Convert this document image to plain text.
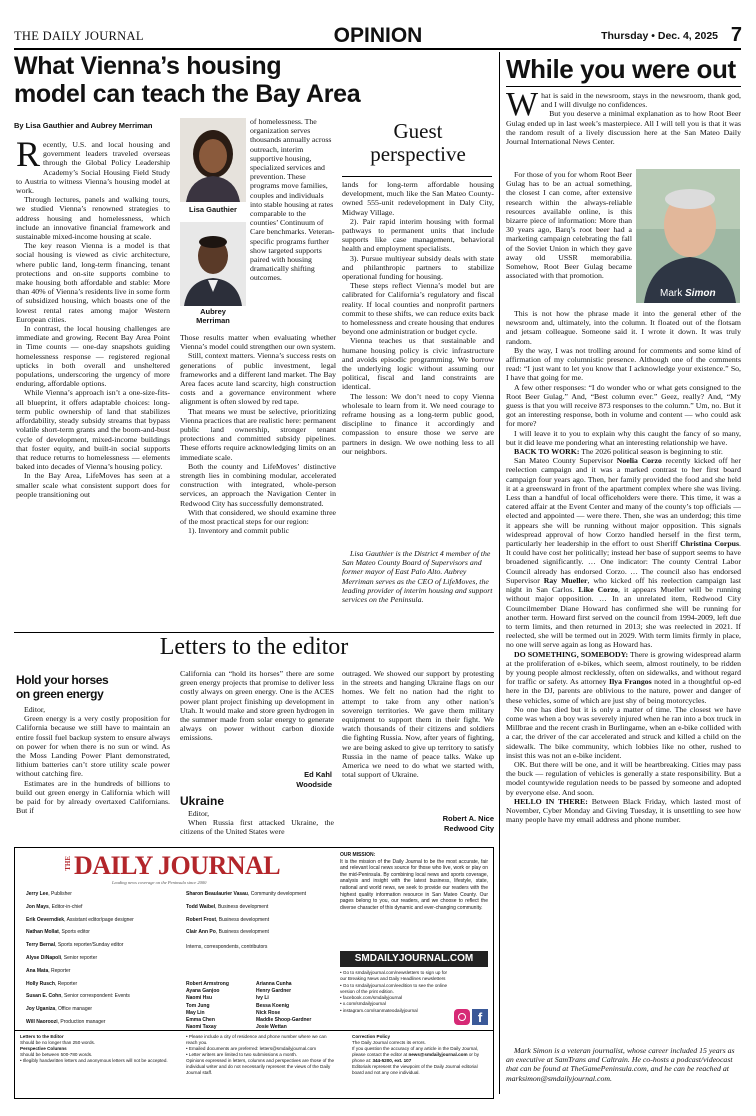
THE DAILY JOURNAL	OPINION	Thursday • Dec. 4, 2025 7
What Vienna’s housing
model can teach the Bay Area
By Lisa Gauthier and Aubrey Merriman

Recently, U.S. and local housing and government leaders traveled overseas through the Global Policy Leadership Academy’s Social Housing Field Study to Austria to witness Vienna’s housing model at work.

Through lectures, panels and walking tours, we studied Vienna’s renowned strategies to address housing and homelessness, which include an innovative financial framework and sustainable mixed-income housing at scale.

The key reason Vienna is a model is that social housing is viewed as civic architecture, where public land, long-term financing, tenant protections and on-site supports combine to make housing both affordable and stable: More than 40% of Vienna’s residents live in some form of subsidized housing, which boasts one of the lowest rental rates among major Western European cities.

In contrast, the local housing challenges are immediate and growing. Recent Bay Area Point in Time counts — one-day snapshots guiding homelessness response — registered regional upticks in both overall and unsheltered populations, underscoring the urgency of more enduring, affordable options.

While Vienna’s approach isn’t a one-size-fits-all blueprint, it offers adaptable choices: long-term public ownership of land that stabilizes affordability, steady subsidy streams that bypass volatile short-term grants and the boom-and-bust cycle of development, mixed-income buildings that foster equity, and built-in social supports that reduce returns to homelessness — elements baked into decades of Vienna’s housing policy.

In the Bay Area, LifeMoves has seen at a smaller scale what consistent support does for people transitioning out

Lisa Gauthier
Aubrey
Merriman
of homelessness. The organization serves thousands annually across outreach, interim supportive housing, specialized services and prevention. These programs move families, couples and individuals into stable housing at rates comparable to the counties’ Continuum of Care benchmarks. Veteran-specific programs further show targeted supports paired with housing dramatically shifting outcomes.

Those results matter when evaluating whether Vienna’s model could strengthen our own system.

Still, context matters. Vienna’s success rests on generations of public investment, legal frameworks and a different land market. The Bay Area faces acute land scarcity, high construction costs and a governance environment where alignment is often slowed by red tape.

That means we must be selective, prioritizing Vienna practices that are realistic here: permanent public land ownership, stronger tenant protections and committed subsidy pipelines. These efforts require acknowledging limits on an immediate scale.

Both the county and LifeMoves’ distinctive strength lies in combining modular, accelerated construction with integrated, whole-person services, an approach the Navigation Center in Redwood City has successfully demonstrated.

With that considered, we should examine three of the most practical steps for our region:

1). Inventory and commit public

Guest
perspective

lands for long-term affordable housing development, much like the San Mateo County-owned 555-unit redevelopment in Daly City, Midway Village.

2). Pair rapid interim housing with formal pathways to permanent units that include supports like case management, behavioral health and employment specialists.

3). Pursue multiyear subsidy deals with state and philanthropic partners to stabilize operational funding for housing.

These steps reflect Vienna’s model but are calibrated for California’s regulatory and fiscal reality. If local counties and nonprofit partners commit to these shifts, we can reduce exits back to homelessness and create housing that endures beyond one administration or budget cycle.

Vienna teaches us that sustainable and humane housing policy is civic infrastructure and avoids episodic programming. We borrow the underlying logic without assuming our political, fiscal and land constraints are identical.

The lesson: We don’t need to copy Vienna wholesale to learn from it. We need courage to reframe housing as a long-term public good, discipline to finance it accordingly and compassion to ensure those we serve are partners in design. We owe nothing less to all our neighbors.

Lisa Gauthier is the District 4 member of the San Mateo County Board of Supervisors and former mayor of East Palo Alto. Aubrey Merriman serves as the CEO of LifeMoves, the leading provider of interim housing and support services on the Peninsula.

Letters to the editor
Hold your horses
on green energy

Editor,

Green energy is a very costly proposition for California because we still have to maintain an entire fossil fuel backup system to ensure always on power for when there is no sun or wind. As the Moss Landing Power Plant demonstrated, lithium batteries can’t store utility scale power without catching fire.

Estimates are in the hundreds of billions to build out green energy in California which will be paid for by already overtaxed Californians. But if

California can “hold its horses” there are some green energy projects that promise to deliver less costly always on green energy. One is the ACES power plant project finishing up development in Utah. It would make and store green hydrogen in the summer made from solar energy to generate always on power without carbon dioxide emissions.

Ed Kahl
Woodside
Ukraine

Editor,

When Russia first attacked Ukraine, the citizens of the United States were

outraged. We showed our support by protesting in the streets and hanging Ukraine flags on our homes. We felt no nation had the right to attempt to take from any other nation’s sovereign territories. We gave them military equipment to support them in their fight. We watch thousands of their citizens and soldiers die fighting Russia. Now, after years of fighting, we are being asked to give up territory to satisfy Russia in the name of peace talks. Wake up America we need to do what we started with, total support of Ukraine.

Robert A. Nice
Redwood City
THE DAILY JOURNAL
Leading news coverage on the Peninsula since 2000
Jerry Lee, Publisher
Jon Mays, Editor-in-chief
Erik Oeverndiek, Assistant editor/page designer
Nathan Mollat, Sports editor
Terry Bernal, Sports reporter/Sunday editor
Alyse DiNapoli, Senior reporter
Ana Mata, Reporter
Holly Rusch, Reporter
Susan E. Cohn, Senior correspondent: Events
Joy Uganiza, Office manager
Will Naoroozi, Production manager
Sharon Beaulaurier Vasau, Community development
Todd Waibel, Business development
Robert Frost, Business development
Clair Ann Po, Business development
Interns, correspondents, contributors
Robert Armstrong
Ayana Ganjoo
Naomi Hsu
Tom Jung
May Lin
Emma Chen
Naomi Taxay
Arianna Cunha
Henry Gardner
Ivy Li
Bessa Koenig
Nick Rose
Maddie Shoop-Gardner
Josie Wettan
OUR MISSION:
It is the mission of the Daily Journal to be the most accurate, fair and relevant local news source for those who live, work or play on the mid-Peninsula. By combining local news and sports coverage, analysis and insight with the latest business, lifestyle, state, national and world news, we seek to provide our readers with the highest quality information resource in San Mateo County. Our pages belong to you, our readers, and we choose to reflect the diverse character of this dynamic and ever-changing community.
SMDAILYJOURNAL.COM
• Go to smdailyjournal.com/newsletters to sign up for our Breaking News and Daily Headlines newsletters
• Go to smdailyjournal.com/eedition to see the online version of the print edition.
• facebook.com/smdailyjournal
• x.com/smdailyjournal
• instagram.com/sanmateodailyjournal	f
Letters to the Editor
Should be no longer than 250 words.
Perspective Columns
Should be between 500-780 words.
• Illegibly handwritten letters and anonymous letters will not be accepted.
• Please include a city of residence and phone number where we can reach you.
• Emailed documents are preferred: letters@smdailyjournal.com
• Letter writers are limited to two submissions a month.
Opinions expressed in letters, columns and perspectives are those of the individual writer and do not necessarily represent the views of the Daily Journal staff.
Correction Policy
The Daily Journal corrects its errors.
If you question the accuracy of any article in the Daily Journal, please contact the editor at news@smdailyjournal.com or by phone at: 344-5200, ext. 107
Editorials represent the viewpoint of the Daily Journal editorial board and not any one individual.
While you were out
Mark Simon

What is said in the newsroom, stays in the newsroom, thank god, and I will divulge no confidences.

But you deserve a minimal explanation as to how Root Beer Gulag ended up in last week’s masterpiece. All I will tell you is that it was the random result of a lively discussion here at the San Mateo Daily Journal International News Center.

For those of you for whom Root Beer Gulag has to be an actual something, the closest I can come, after extensive research within the always-reliable resources available online, is this bizarre piece of information: More than 30 years ago, Barq’s root beer had a marketing campaign celebrating the fall of the Soviet Union in which they gave away old USSR memorabilia. Somehow, Root Beer Gulag became associated with that promotion.

This is not how the phrase made it into the general ether of the newsroom and, ultimately, into the column. It floated out of the flotsam and jetsam colleague. Someone said it. I wrote it down. It was truly random.

By the way, I was not trolling around for comments and some kind of affirmation of my columnistic presence. Although one of the comments read: “I just want to let you know that I acknowledge your existence.” So, I have that going for me.

A few other responses: “I do wonder who or what gets consigned to the Root Beer Gulag.” And, “Best column ever.” Geez, really? And, “My guess is that you will receive 873 responses to the column.” Um, no. But it got an interesting response, both in volume and content — who could ask for more?

I will leave it to you to explain why this caught the fancy of so many, but it did leave me pondering what an interesting relationship we have.

BACK TO WORK: The 2026 political season is beginning to stir.

San Mateo County Supervisor Noelia Corzo recently kicked off her reelection campaign and it was a marked contrast to her first board campaign four years ago. Then, her family provided the food and she held it at a greensward in front of the apartment complex where she was living. Less than a handful of local officeholders were there. This time, it was a catered affair at the Event Center and many of the county’s top officials — elected and appointed — were there. Then, she was an underdog; this time it appears she will be running without major opposition. This signals widespread approval of how Corzo handled herself in the first term, particularly her leadership in the effort to oust Sheriff Christina Corpus. It could have cost her politically; instead her base of support seems to have broadened significantly. … One indicator: The county Central Labor Council already has endorsed Corzo. … The council also has endorsed Supervisor Ray Mueller, who kicked off his reelection campaign last night in San Carlos. Like Corzo, it appears Mueller will be running without major opposition. … In an unrelated item, Redwood City Councilmember Diane Howard has confirmed she will be running for another term. Howard first served on the council from 1994-2009, left due to term limits, and then returned in 2013; she was reelected in 2021. If reelected, she will be termed out in 2029. With term limits firmly in place, no one will serve again as long as Howard has.

DO SOMETHING, SOMEBODY: There is growing widespread alarm at the proliferation of e-bikes, which seem, almost routinely, to be ridden by young people almost recklessly, often on sidewalks, and without regard for traffic or safety. As attorney Ilya Frangos noted in a thoughtful op-ed here in the DJ, parents are oblivious to the nature, power and danger of these vehicles, some of which are just shy of being motorcycles.

No one has died but it is only a matter of time. The closest we have come was when a boy was severely injured when he ran into a box truck in Millbrae and the recent crash in Burlingame, when an e-bike collided with a car, the driver of the car accelerated and struck and killed a child on the sidewalk. The bike community, which lobbies like no other, rushed to insist this was not an e-bike incident.

OK. But there will be one, and it will be heartbreaking. Cities may pass the buck — regulation of vehicles is generally a state responsibility. But a model countywide regulation needs to be passed by someone and adopted by everyone else. And soon.

HELLO IN THERE: Between Black Friday, which lasted most of November, Cyber Monday and Giving Tuesday, it is unsettling to see how many people have my email address and phone number.

Mark Simon is a veteran journalist, whose career included 15 years as an executive at SamTrans and Caltrain. He co-hosts a podcast/videocast that can be found at TheGamePeninsula.com, and he can be reached at marksimon@smdailyjournal.com.
